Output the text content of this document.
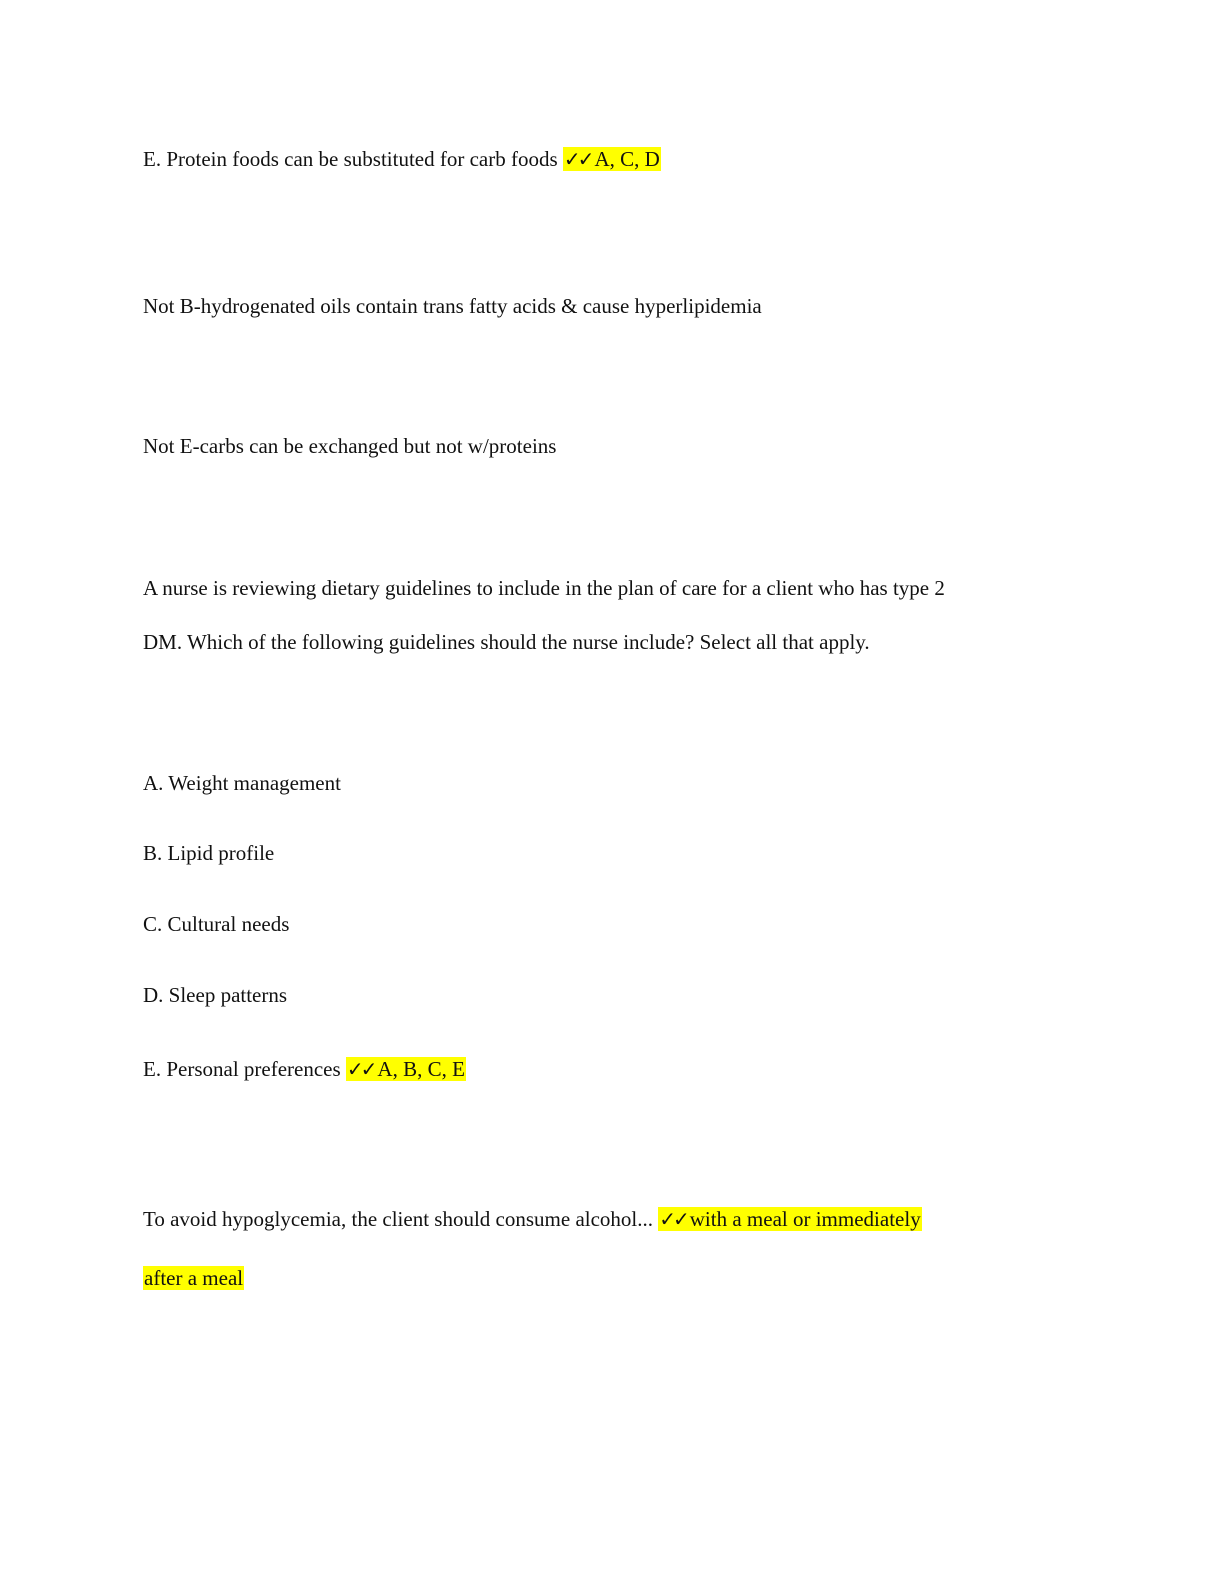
E. Protein foods can be substituted for carb foods ✓✓ A, C, D
Not B-hydrogenated oils contain trans fatty acids & cause hyperlipidemia
Not E-carbs can be exchanged but not w/proteins
A nurse is reviewing dietary guidelines to include in the plan of care for a client who has type 2
DM. Which of the following guidelines should the nurse include? Select all that apply.
A. Weight management
B. Lipid profile
C. Cultural needs
D. Sleep patterns
E. Personal preferences ✓✓ A, B, C, E
To avoid hypoglycemia, the client should consume alcohol... ✓✓ with a meal or immediately
after a meal
